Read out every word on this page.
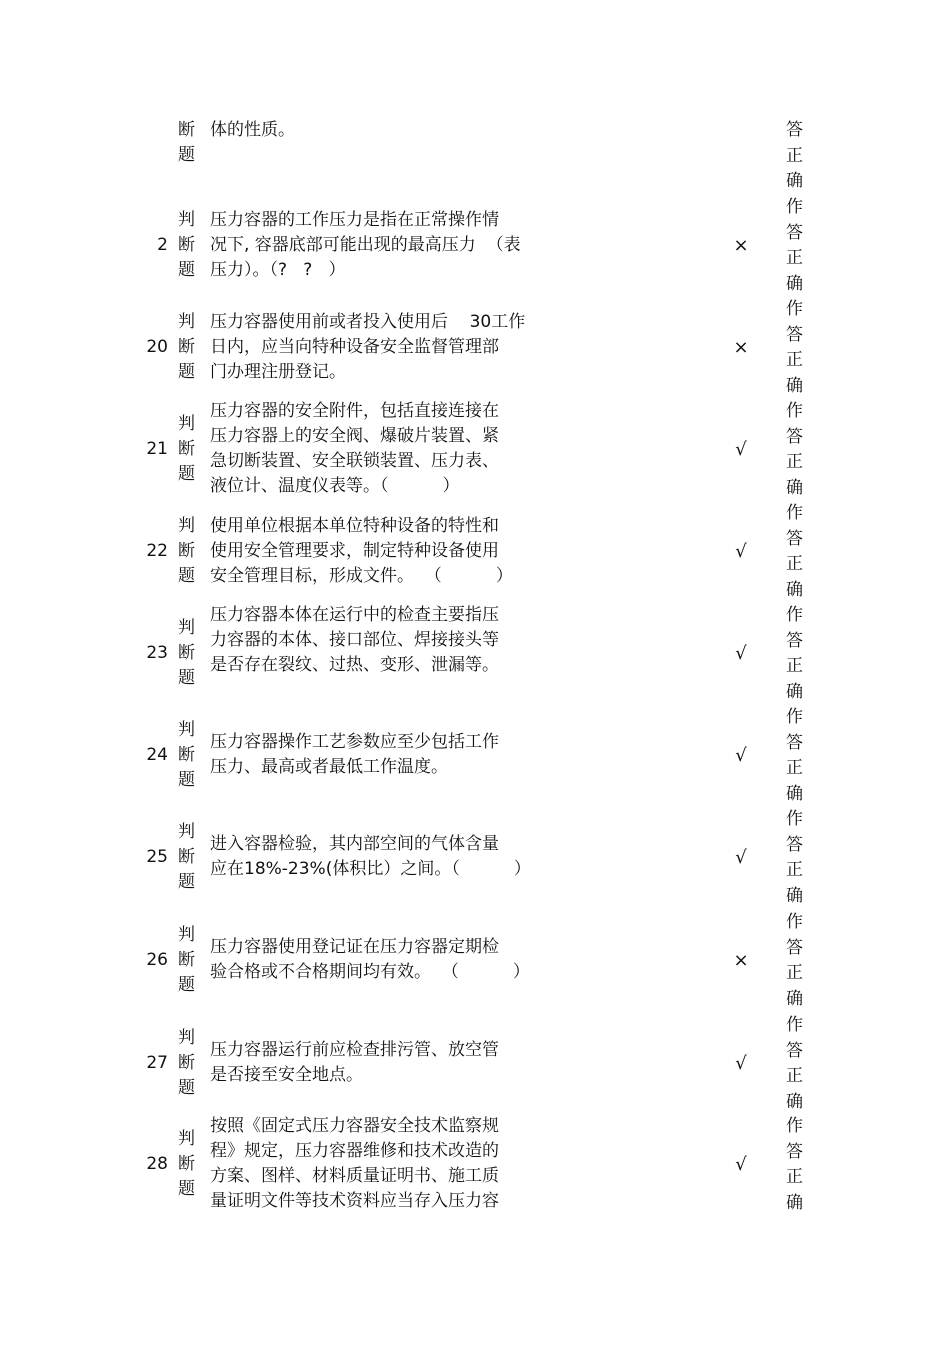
断
题
体的性质。	答
正
确
2
判
断
题
压力容器的工作压力是指在正常操作情
况下, 容器底部可能出现的最高压力  （表
压力）。（?   ?   ）
×
作
答
正
确
20
判
断
题
压力容器使用前或者投入使用后    30工作
日内，应当向特种设备安全监督管理部
门办理注册登记。
×
作
答
正
确
21
判
断
题
压力容器的安全附件，包括直接连接在
压力容器上的安全阀、爆破片装置、紧
急切断装置、安全联锁装置、压力表、
液位计、温度仪表等。（          ）
√
作
答
正
确
22
判
断
题
使用单位根据本单位特种设备的特性和
使用安全管理要求，制定特种设备使用
安全管理目标，形成文件。  （          ）
√
作
答
正
确
23
判
断
题
压力容器本体在运行中的检查主要指压
力容器的本体、接口部位、焊接接头等
是否存在裂纹、过热、变形、泄漏等。
√
作
答
正
确
24
判
断
题
压力容器操作工艺参数应至少包括工作
压力、最高或者最低工作温度。
√
作
答
正
确
25
判
断
题
进入容器检验，其内部空间的气体含量
应在18%-23%(体积比）之间。（          ）
√
作
答
正
确
26
判
断
题
压力容器使用登记证在压力容器定期检
验合格或不合格期间均有效。  （          ）
×
作
答
正
确
27
判
断
题
压力容器运行前应检查排污管、放空管
是否接至安全地点。
√
作
答
正
确
28
判
断
题
按照《固定式压力容器安全技术监察规
程》规定，压力容器维修和技术改造的
方案、图样、材料质量证明书、施工质
量证明文件等技术资料应当存入压力容
√
作
答
正
确
